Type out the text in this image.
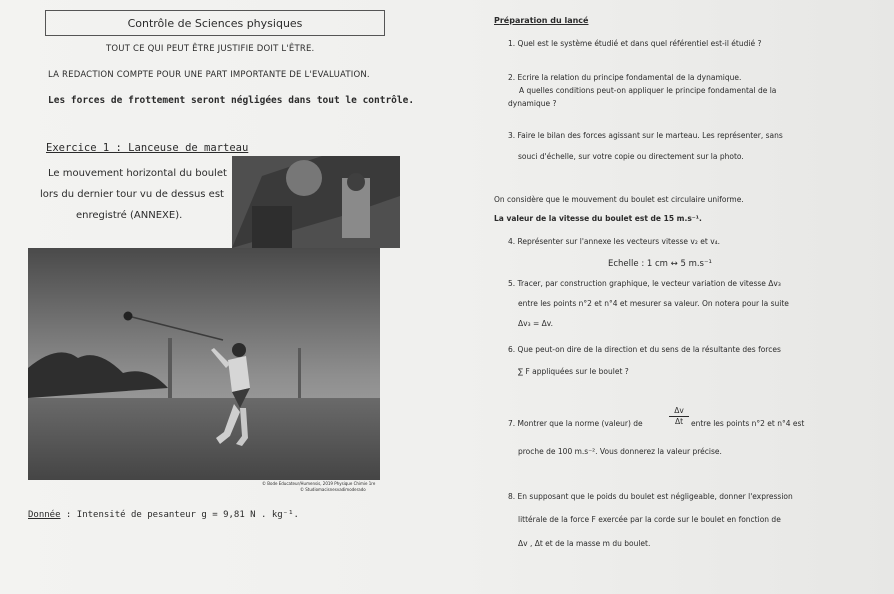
Contrôle de Sciences physiques
TOUT CE QUI PEUT ÊTRE JUSTIFIE DOIT L'ÊTRE.
LA REDACTION COMPTE POUR UNE PART IMPORTANTE DE L'EVALUATION.
Les forces de frottement seront négligées dans tout le contrôle.
Exercice 1 : Lanceuse de marteau
Le mouvement horizontal du boulet
lors du dernier tour vu de dessus est
enregistré (ANNEXE).
© Bode Educateur/Humensis, 2019 Physique Chimie 1re
© Studiomacisnesvadimoderado
Donnée : Intensité de pesanteur g = 9,81 N . kg⁻¹.
Préparation du lancé
1. Quel est le système étudié et dans quel référentiel est-il étudié ?
2. Ecrire la relation du principe fondamental de la dynamique.
A quelles conditions peut-on appliquer le principe fondamental de la
dynamique ?
3. Faire le bilan des forces agissant sur le marteau. Les représenter, sans
souci d'échelle, sur votre copie ou directement sur la photo.
On considère que le mouvement du boulet est circulaire uniforme.
La valeur de la vitesse du boulet est de 15 m.s⁻¹.
4. Représenter sur l'annexe les vecteurs vitesse v₂ et v₄.
Echelle : 1 cm ↔ 5 m.s⁻¹
5. Tracer, par construction graphique, le vecteur variation de vitesse Δv₃
entre les points n°2 et n°4 et mesurer sa valeur. On notera pour la suite
Δv₃ = Δv.
6. Que peut-on dire de la direction et du sens de la résultante des forces
∑ F appliquées sur le boulet ?
7. Montrer que la norme (valeur) de	$\frac{\Delta v}{\Delta t}$ entre les points n°2 et n°4 est
proche de 100 m.s⁻². Vous donnerez la valeur précise.
8. En supposant que le poids du boulet est négligeable, donner l'expression
littérale de la force F exercée par la corde sur le boulet en fonction de
Δv , Δt et de la masse m du boulet.
